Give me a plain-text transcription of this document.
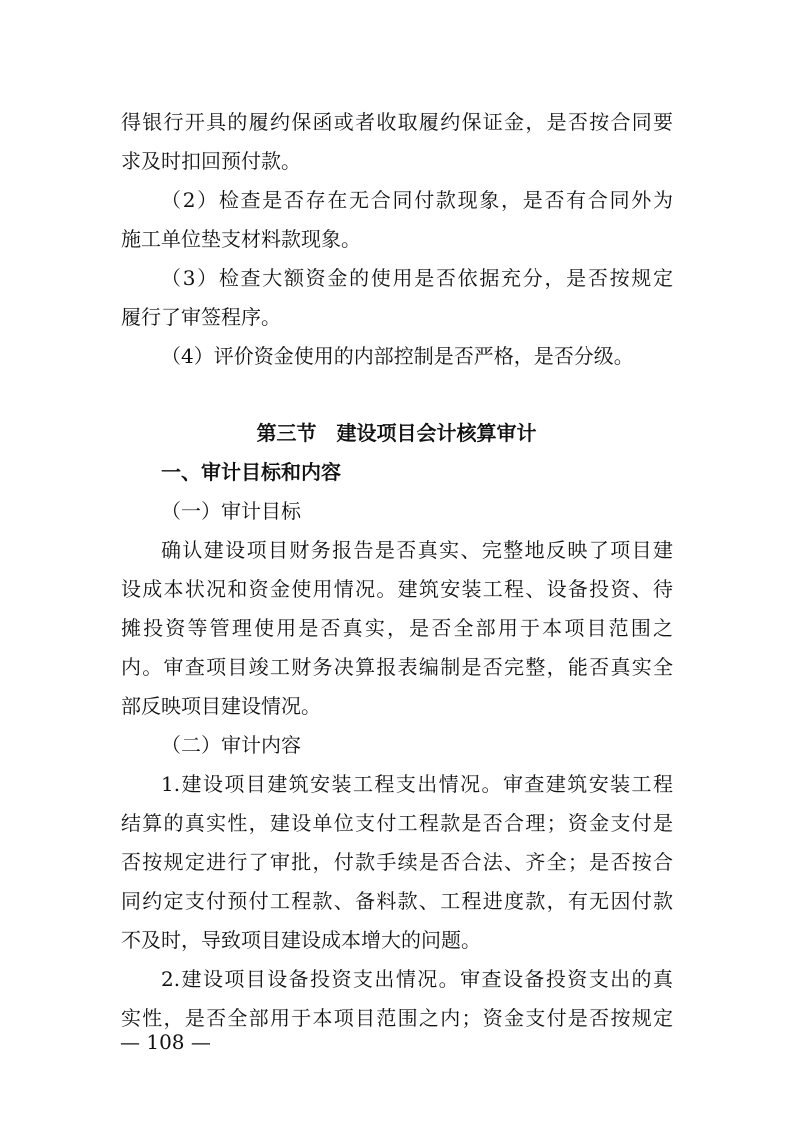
得银行开具的履约保函或者收取履约保证金，是否按合同要
求及时扣回预付款。
（2）检查是否存在无合同付款现象，是否有合同外为
施工单位垫支材料款现象。
（3）检查大额资金的使用是否依据充分，是否按规定
履行了审签程序。
（4）评价资金使用的内部控制是否严格，是否分级。
第三节　建设项目会计核算审计
一、审计目标和内容
（一）审计目标
确认建设项目财务报告是否真实、完整地反映了项目建
设成本状况和资金使用情况。建筑安装工程、设备投资、待
摊投资等管理使用是否真实，是否全部用于本项目范围之
内。审查项目竣工财务决算报表编制是否完整，能否真实全
部反映项目建设情况。
（二）审计内容
1.建设项目建筑安装工程支出情况。审查建筑安装工程
结算的真实性，建设单位支付工程款是否合理；资金支付是
否按规定进行了审批，付款手续是否合法、齐全；是否按合
同约定支付预付工程款、备料款、工程进度款，有无因付款
不及时，导致项目建设成本增大的问题。
2.建设项目设备投资支出情况。审查设备投资支出的真
实性，是否全部用于本项目范围之内；资金支付是否按规定
— 108 —
